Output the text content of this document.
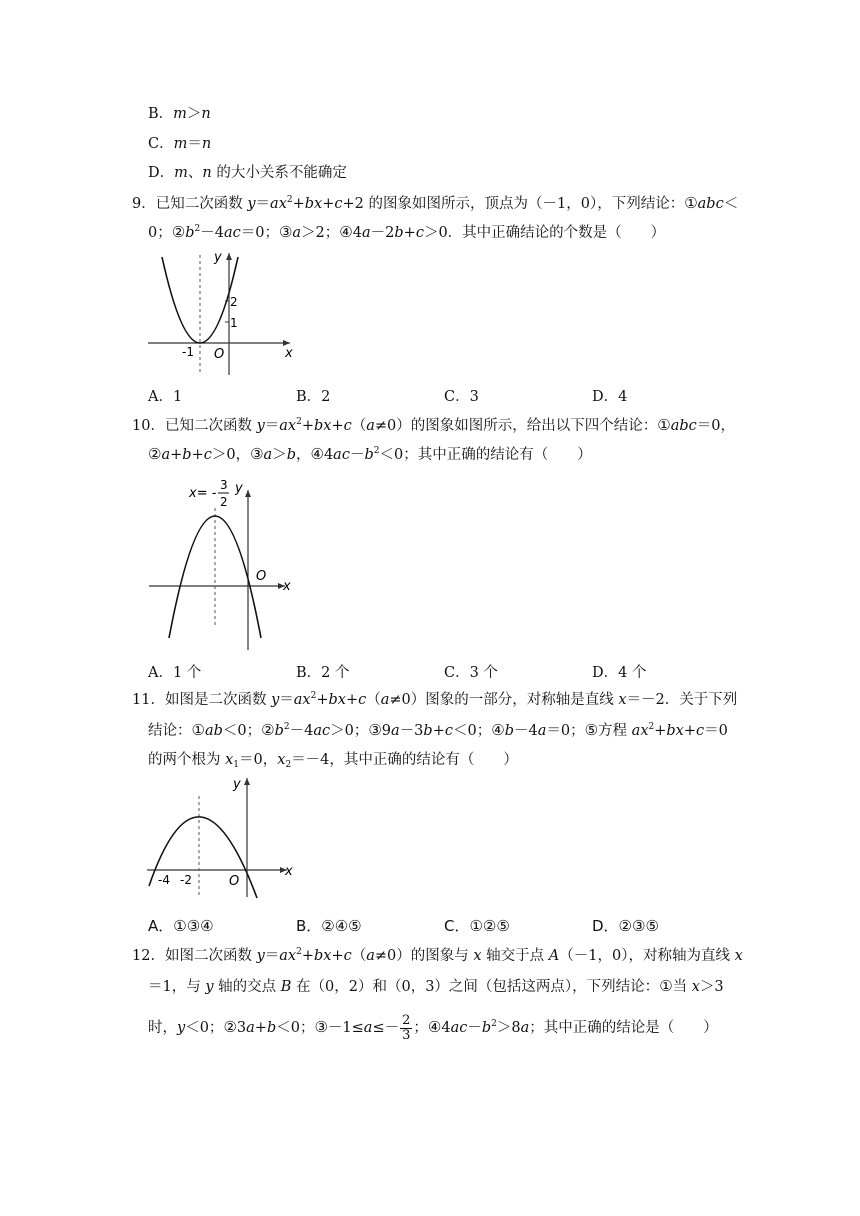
B．m＞n
C．m＝n
D．m、n 的大小关系不能确定
9．已知二次函数 $y=ax^2+bx+c+2$ 的图象如图所示，顶点为（－1，0），下列结论：①abc＜
0；$②b^2-4ac=0$；③a＞2；④4a－2b+c＞0．其中正确结论的个数是（　　）
y
x
O
2
1
-1
A．1	B．2	C．3	D．4
10．已知二次函数 $y=ax^2+bx+c(a\ne 0)$的图象如图所示，给出以下四个结论：①abc＝0，
②a+b+c＞0，③a＞b，$④4ac-b^2<0$；其中正确的结论有（　　）
x= -
3
2
y
x
O
A．1 个	B．2 个	C．3 个	D．4 个
11．如图是二次函数 $y=ax^2+bx+c(a\ne 0)$图象的一部分，对称轴是直线 x＝－2．关于下列
结论：①ab＜0；$②b^2-4ac>0$；③9a－3b+c＜0；④b－4a＝0；⑤方程 $ax^2+bx+c=0$
的两个根为 $x_1=0$，$x_2=-4$，其中正确的结论有（　　）
y
x
O
-4 -2
A．①③④	B．②④⑤	C．①②⑤	D．②③⑤
12．如图二次函数 $y=ax^2+bx+c(a\ne 0)$的图象与 x 轴交于点 A（－1，0），对称轴为直线 x
＝1，与 y 轴的交点 B 在（0，2）和（0，3）之间（包括这两点），下列结论：①当 x＞3
时，y＜0；②3a+b＜0；③－1≤a≤－ $\frac{2}{3}$ ；$④4ac-b^2>8a$；其中正确的结论是（　　）
